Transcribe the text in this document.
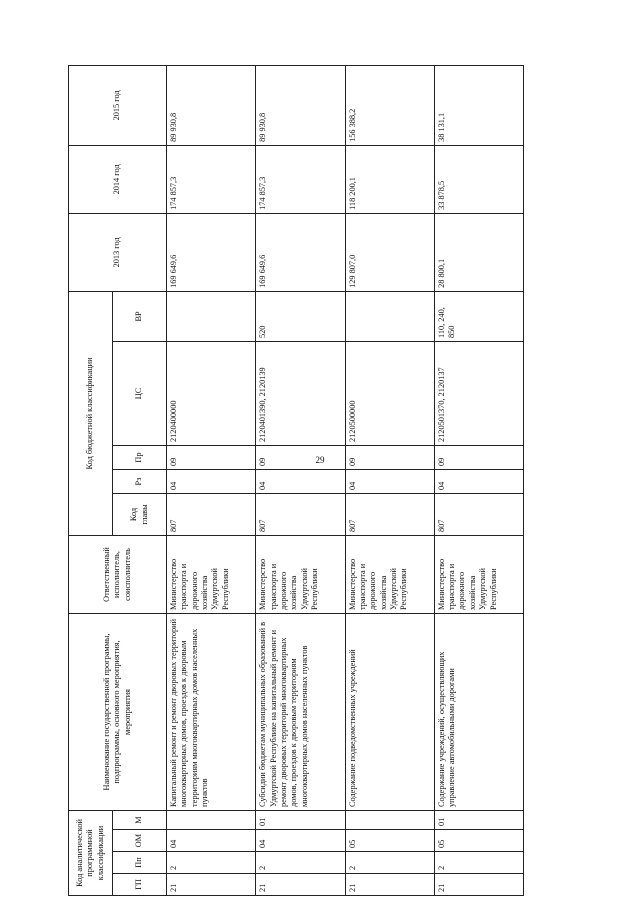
29
Код аналитической программной классификации				Наименование государственной программы, подпрограммы, основного мероприятия, мероприятия	Ответственный исполнитель, соисполнитель	Код бюджетной классификации					2013 год	2014 год	2015 год
ГП	Пп	ОМ	М			Код главы	Рз	Пр	ЦС	ВР			
21	2	04		Капитальный ремонт и ремонт дворовых территорий многоквартирных домов, проездов к дворовым территориям многоквартирных домов населенных пунктов	Министерство транспорта и дорожного хозяйства Удмуртской Республики	807	04	09	2120400000		169 649,6	174 857,3	89 930,8
21	2	04	01	Субсидии бюджетам муниципальных образований в Удмуртской Республике на капитальный ремонт и ремонт дворовых территорий многоквартирных домов, проездов к дворовым территориям многоквартирных домов населенных пунктов	Министерство транспорта и дорожного хозяйства Удмуртской Республики	807	04	09	2120401390, 2120139	520	169 649,6	174 857,3	89 930,8
21	2	05		Содержание подведомственных учреждений	Министерство транспорта и дорожного хозяйства Удмуртской Республики	807	04	09	2120500000		129 807,0	118 200,1	156 388,2
21	2	05	01	Содержание учреждений, осуществляющих управление автомобильными дорогами	Министерство транспорта и дорожного хозяйства Удмуртской Республики	807	04	09	2120501370, 2120137	110, 240, 850	28 800,1	33 878,5	38 131,1
